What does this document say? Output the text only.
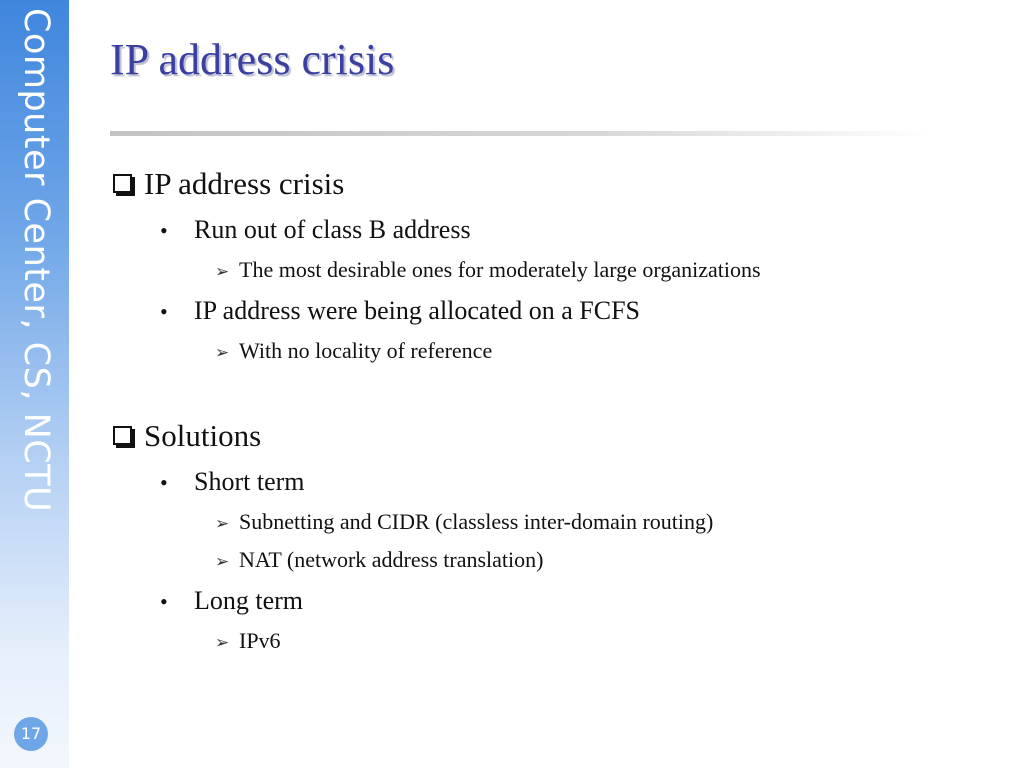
Computer Center, CS, NCTU
17
IP address crisis
IP address crisis
• Run out of class B address
➢ The most desirable ones for moderately large organizations
• IP address were being allocated on a FCFS
➢ With no locality of reference
Solutions
• Short term
➢ Subnetting and CIDR (classless inter-domain routing)
➢ NAT (network address translation)
• Long term
➢ IPv6
